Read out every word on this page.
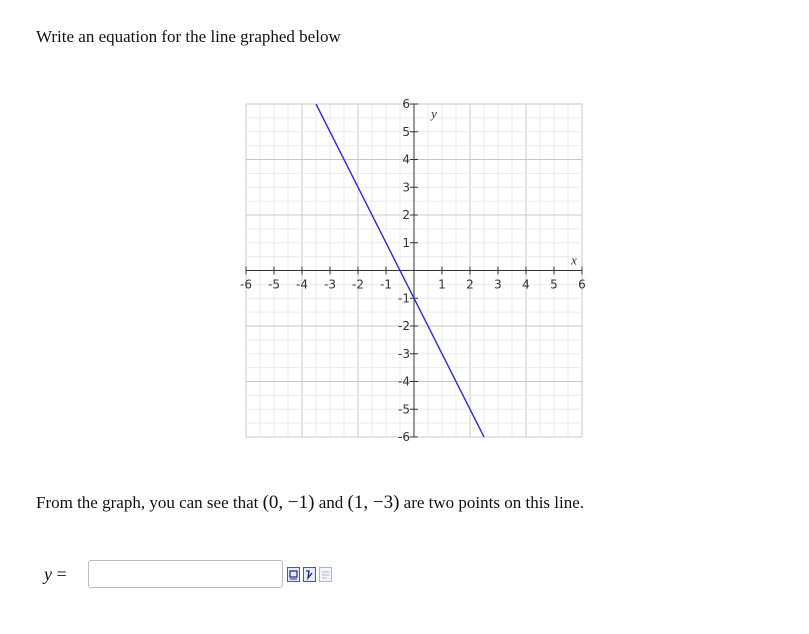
Write an equation for the line graphed below
-6 -5 -4 -3 -2 -1	1 2 3 4 5 6
6
5
4
3
2
1
-1
-2
-3
-4
-5
-6
x
y
From the graph, you can see that (0, −1) and (1, −3) are two points on this line.
y =
